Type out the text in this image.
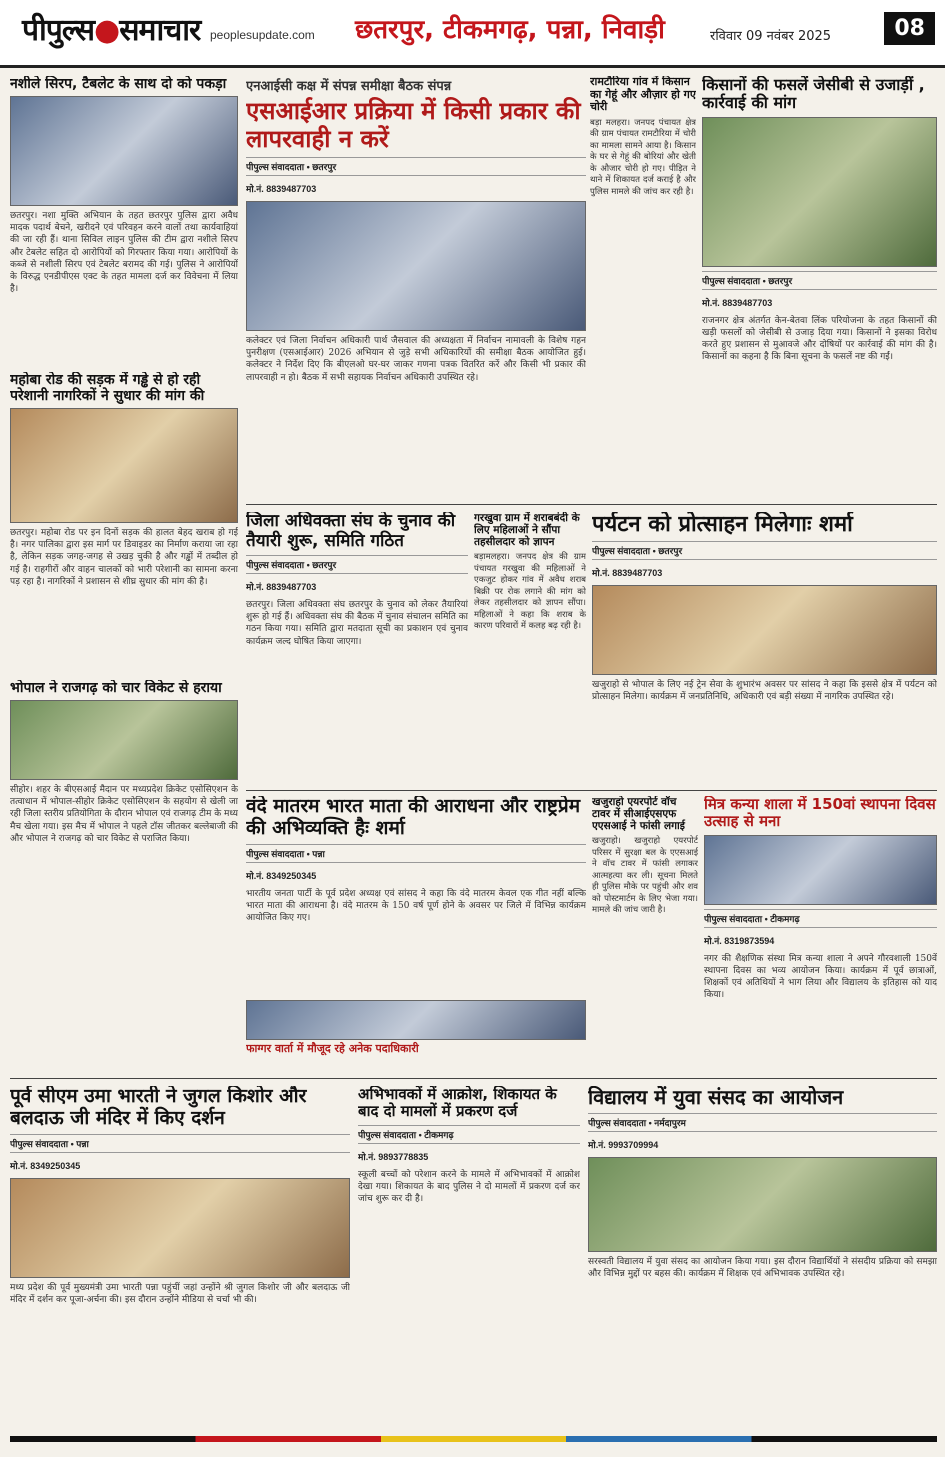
पीपुल्स●समाचार peoplesupdate.com छतरपुर, टीकमगढ़, पन्ना, निवाड़ी	रविवार 09 नवंबर 2025	08
नशीले सिरप, टैबलेट के साथ दो को पकड़ा
छतरपुर। नशा मुक्ति अभियान के तहत छतरपुर पुलिस द्वारा अवैध मादक पदार्थ बेचने, खरीदने एवं परिवहन करने वालों तथा कार्यवाहियां की जा रही हैं। थाना सिविल लाइन पुलिस की टीम द्वारा नशीले सिरप और टेबलेट सहित दो आरोपियों को गिरफ्तार किया गया। आरोपियों के कब्जे से नशीली सिरप एवं टेबलेट बरामद की गई। पुलिस ने आरोपियों के विरुद्ध एनडीपीएस एक्ट के तहत मामला दर्ज कर विवेचना में लिया है।
महोबा रोड की सड़क में गड्ढे से हो रही परेशानी नागरिकों ने सुधार की मांग की
छतरपुर। महोबा रोड पर इन दिनों सड़क की हालत बेहद खराब हो गई है। नगर पालिका द्वारा इस मार्ग पर डिवाइडर का निर्माण कराया जा रहा है, लेकिन सड़क जगह-जगह से उखड़ चुकी है और गड्ढों में तब्दील हो गई है। राहगीरों और वाहन चालकों को भारी परेशानी का सामना करना पड़ रहा है। नागरिकों ने प्रशासन से शीघ्र सुधार की मांग की है।
भोपाल ने राजगढ़ को चार विकेट से हराया
सीहोर। शहर के बीएसआई मैदान पर मध्यप्रदेश क्रिकेट एसोसिएशन के तत्वाधान में भोपाल-सीहोर क्रिकेट एसोसिएशन के सहयोग से खेली जा रही जिला स्तरीय प्रतियोगिता के दौरान भोपाल एवं राजगढ़ टीम के मध्य मैच खेला गया। इस मैच में भोपाल ने पहले टॉस जीतकर बल्लेबाजी की और भोपाल ने राजगढ़ को चार विकेट से पराजित किया।
एनआईसी कक्ष में संपन्न समीक्षा बैठक संपन्न
एसआईआर प्रक्रिया में किसी प्रकार की लापरवाही न करें
पीपुल्स संवाददाता • छतरपुर
मो.नं. 8839487703
कलेक्टर एवं जिला निर्वाचन अधिकारी पार्थ जैसवाल की अध्यक्षता में निर्वाचन नामावली के विशेष गहन पुनरीक्षण (एसआईआर) 2026 अभियान से जुड़े सभी अधिकारियों की समीक्षा बैठक आयोजित हुई। कलेक्टर ने निर्देश दिए कि बीएलओ घर-घर जाकर गणना पत्रक वितरित करें और किसी भी प्रकार की लापरवाही न हो। बैठक में सभी सहायक निर्वाचन अधिकारी उपस्थित रहे।
रामटौरिया गांव में किसान का गेहूं और औज़ार हो गए चोरी
बड़ा मलहरा। जनपद पंचायत क्षेत्र की ग्राम पंचायत रामटौरिया में चोरी का मामला सामने आया है। किसान के घर से गेहूं की बोरियां और खेती के औजार चोरी हो गए। पीड़ित ने थाने में शिकायत दर्ज कराई है और पुलिस मामले की जांच कर रही है।
किसानों की फसलें जेसीबी से उजाड़ीं , कार्रवाई की मांग
पीपुल्स संवाददाता • छतरपुर
मो.नं. 8839487703
राजनगर क्षेत्र अंतर्गत केन-बेतवा लिंक परियोजना के तहत किसानों की खड़ी फसलों को जेसीबी से उजाड़ दिया गया। किसानों ने इसका विरोध करते हुए प्रशासन से मुआवजे और दोषियों पर कार्रवाई की मांग की है। किसानों का कहना है कि बिना सूचना के फसलें नष्ट की गईं।
जिला अधिवक्ता संघ के चुनाव की तैयारी शुरू, समिति गठित
पीपुल्स संवाददाता • छतरपुर
मो.नं. 8839487703
छतरपुर। जिला अधिवक्ता संघ छतरपुर के चुनाव को लेकर तैयारियां शुरू हो गई हैं। अधिवक्ता संघ की बैठक में चुनाव संचालन समिति का गठन किया गया। समिति द्वारा मतदाता सूची का प्रकाशन एवं चुनाव कार्यक्रम जल्द घोषित किया जाएगा।
गरखुवा ग्राम में शराबबंदी के लिए महिलाओं ने सौंपा तहसीलदार को ज्ञापन
बड़ामलहरा। जनपद क्षेत्र की ग्राम पंचायत गरखुवा की महिलाओं ने एकजुट होकर गांव में अवैध शराब बिक्री पर रोक लगाने की मांग को लेकर तहसीलदार को ज्ञापन सौंपा। महिलाओं ने कहा कि शराब के कारण परिवारों में कलह बढ़ रही है।
पर्यटन को प्रोत्साहन मिलेगाः शर्मा
पीपुल्स संवाददाता • छतरपुर
मो.नं. 8839487703
खजुराहो से भोपाल के लिए नई ट्रेन सेवा के शुभारंभ अवसर पर सांसद ने कहा कि इससे क्षेत्र में पर्यटन को प्रोत्साहन मिलेगा। कार्यक्रम में जनप्रतिनिधि, अधिकारी एवं बड़ी संख्या में नागरिक उपस्थित रहे।
वंदे मातरम भारत माता की आराधना और राष्ट्रप्रेम की अभिव्यक्ति हैः शर्मा
पीपुल्स संवाददाता • पन्ना
मो.नं. 8349250345
भारतीय जनता पार्टी के पूर्व प्रदेश अध्यक्ष एवं सांसद ने कहा कि वंदे मातरम केवल एक गीत नहीं बल्कि भारत माता की आराधना है। वंदे मातरम के 150 वर्ष पूर्ण होने के अवसर पर जिले में विभिन्न कार्यक्रम आयोजित किए गए।
फाग्गर वार्ता में मौजूद रहे अनेक पदाधिकारी
खजुराहो एयरपोर्ट वॉच टावर में सीआईएसएफ एएसआई ने फांसी लगाई
खजुराहो। खजुराहो एयरपोर्ट परिसर में सुरक्षा बल के एएसआई ने वॉच टावर में फांसी लगाकर आत्महत्या कर ली। सूचना मिलते ही पुलिस मौके पर पहुंची और शव को पोस्टमार्टम के लिए भेजा गया। मामले की जांच जारी है।
मित्र कन्या शाला में 150वां स्थापना दिवस उत्साह से मना
पीपुल्स संवाददाता • टीकमगढ़
मो.नं. 8319873594
नगर की शैक्षणिक संस्था मित्र कन्या शाला ने अपने गौरवशाली 150वें स्थापना दिवस का भव्य आयोजन किया। कार्यक्रम में पूर्व छात्राओं, शिक्षकों एवं अतिथियों ने भाग लिया और विद्यालय के इतिहास को याद किया।
पूर्व सीएम उमा भारती ने जुगल किशोर और बलदाऊ जी मंदिर में किए दर्शन
पीपुल्स संवाददाता • पन्ना
मो.नं. 8349250345
मध्य प्रदेश की पूर्व मुख्यमंत्री उमा भारती पन्ना पहुंचीं जहां उन्होंने श्री जुगल किशोर जी और बलदाऊ जी मंदिर में दर्शन कर पूजा-अर्चना की। इस दौरान उन्होंने मीडिया से चर्चा भी की।
अभिभावकों में आक्रोश, शिकायत के बाद दो मामलों में प्रकरण दर्ज
पीपुल्स संवाददाता • टीकमगढ़
मो.नं. 9893778835
स्कूली बच्चों को परेशान करने के मामले में अभिभावकों में आक्रोश देखा गया। शिकायत के बाद पुलिस ने दो मामलों में प्रकरण दर्ज कर जांच शुरू कर दी है।
विद्यालय में युवा संसद का आयोजन
पीपुल्स संवाददाता • नर्मदापुरम
मो.नं. 9993709994
सरस्वती विद्यालय में युवा संसद का आयोजन किया गया। इस दौरान विद्यार्थियों ने संसदीय प्रक्रिया को समझा और विभिन्न मुद्दों पर बहस की। कार्यक्रम में शिक्षक एवं अभिभावक उपस्थित रहे।
